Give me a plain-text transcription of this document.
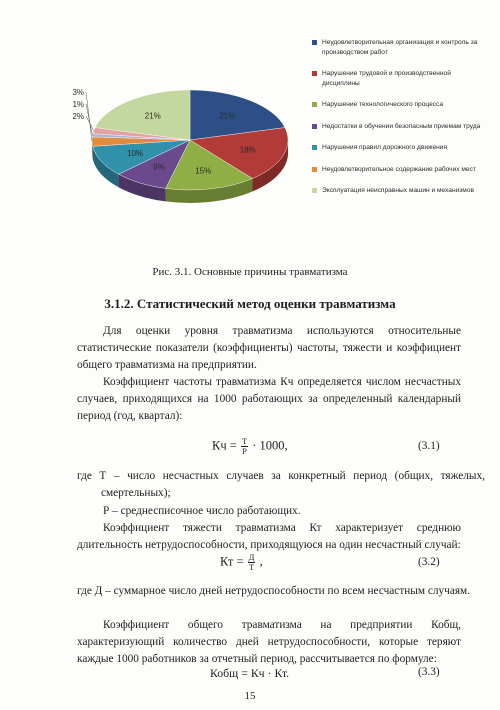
21%
18%
15%
9%
10%
3%
1%
2%	21%
Неудовлетворительная организация и контроль за производством работ
Нарушение трудовой и производственной дисциплины
Нарушение технологического процесса
Недостатки в обучении безопасным приемам труда
Нарушения правил дорожного движения
Неудовлетворительное содержание рабочих мест
Эксплуатация неисправных машин и механизмов
Рис. 3.1. Основные причины травматизма
3.1.2. Статистический метод оценки травматизма

Для оценки уровня травматизма используются относительные статистические показатели (коэффициенты) частоты, тяжести и коэффициент общего травматизма на предприятии.

Коэффициент частоты травматизма Кч определяется числом несчастных случаев, приходящихся на 1000 работающих за определенный календарный период (год, квартал):

Кч = $\frac{Т}{Р} \cdot 1000$,	(3.1)

где Т – число несчастных случаев за конкретный период (общих, тяжелых, смертельных);

Р – среднесписочное число работающих.

Коэффициент тяжести травматизма Кт характеризует среднюю длительность нетрудоспособности, приходящуюся на один несчастный случай:

Кт = $\frac{Д}{Т}$ ,	(3.2)

где Д – суммарное число дней нетрудоспособности по всем несчастным случаям.

Коэффициент общего травматизма на предприятии Кобщ, характеризующий количество дней нетрудоспособности, которые теряют каждые 1000 работников за отчетный период, рассчитывается по формуле:

Кобщ = Кч · Кт.	(3.3)
15
